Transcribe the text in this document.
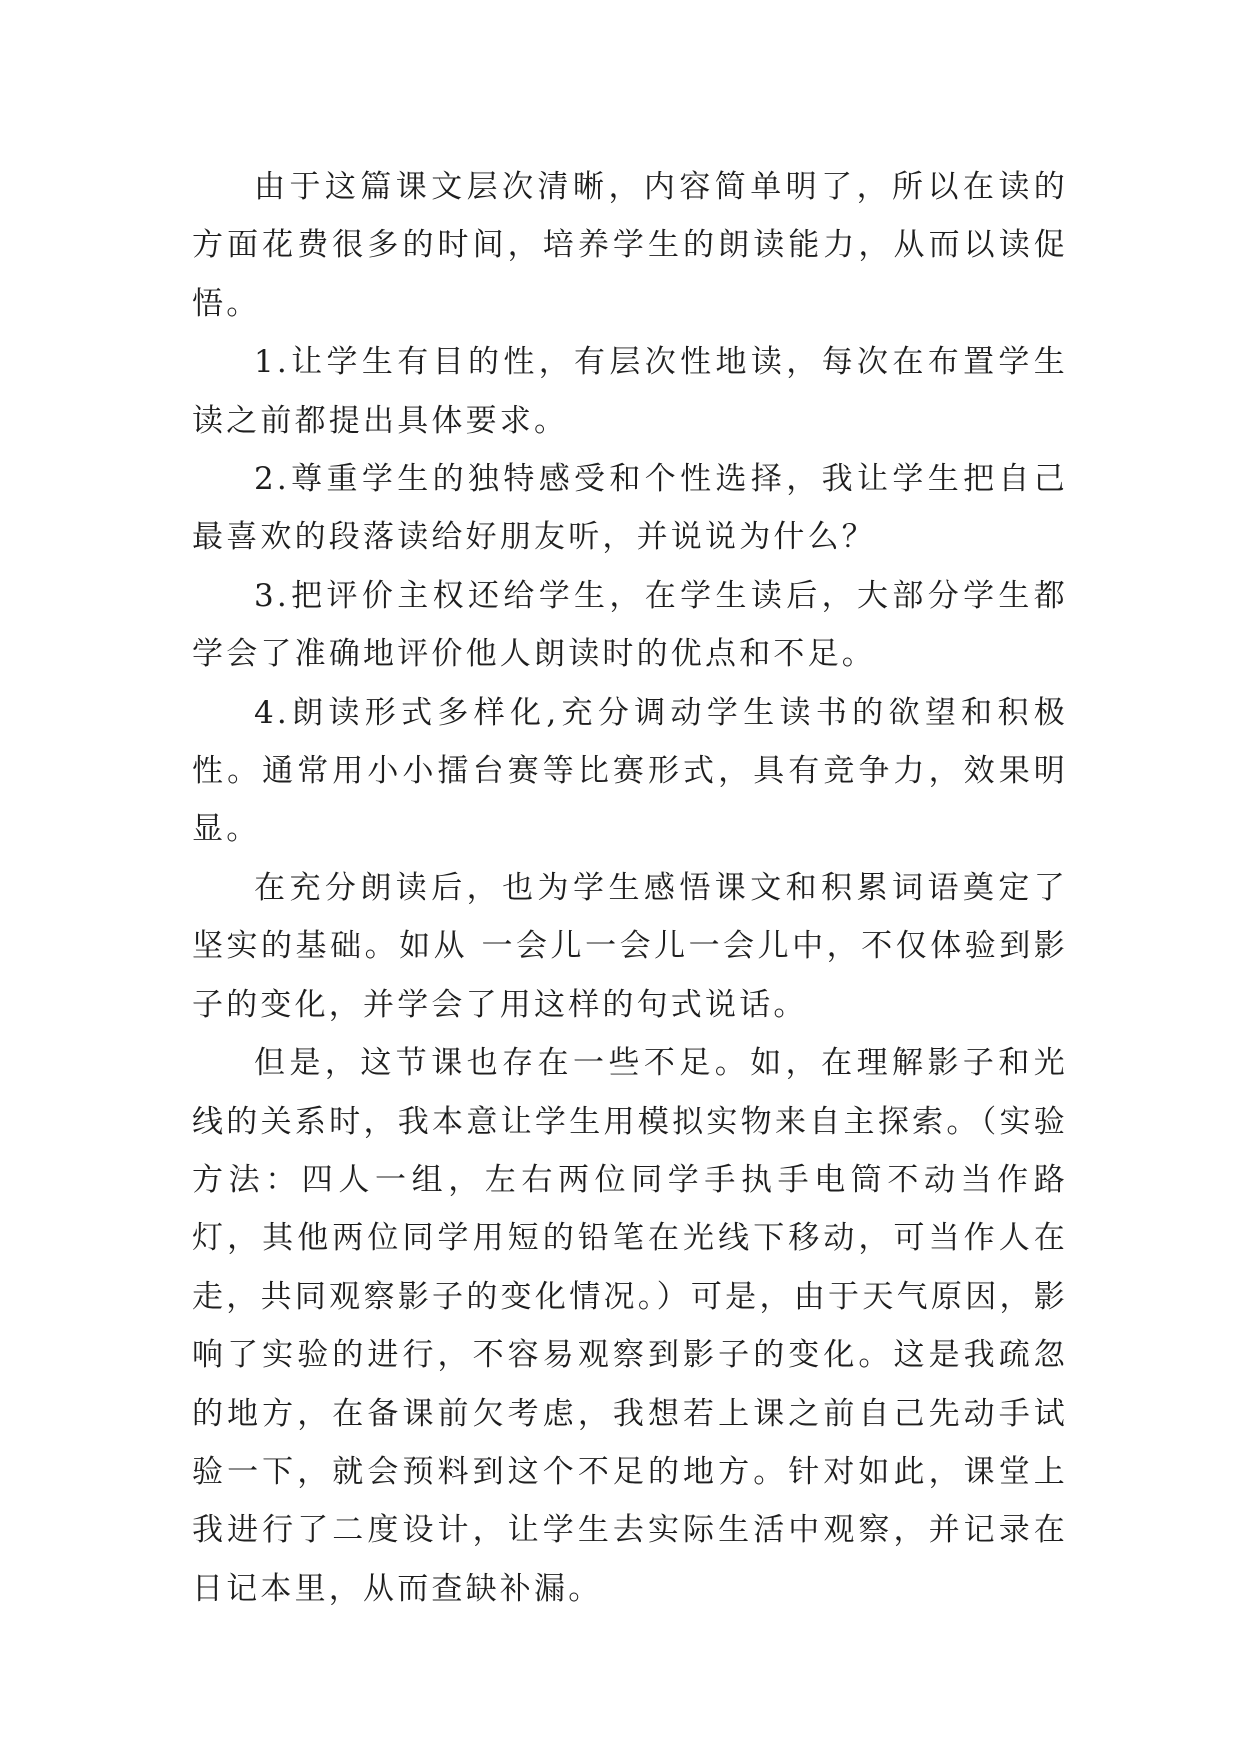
由于这篇课文层次清晰，内容简单明了，所以在读的方面花费很多的时间，培养学生的朗读能力，从而以读促悟。

1.让学生有目的性，有层次性地读，每次在布置学生读之前都提出具体要求。

2.尊重学生的独特感受和个性选择，我让学生把自己最喜欢的段落读给好朋友听，并说说为什么？

3.把评价主权还给学生，在学生读后，大部分学生都学会了准确地评价他人朗读时的优点和不足。

4.朗读形式多样化,充分调动学生读书的欲望和积极性。通常用小小擂台赛等比赛形式，具有竞争力，效果明显。

在充分朗读后，也为学生感悟课文和积累词语奠定了坚实的基础。如从 一会儿一会儿一会儿中，不仅体验到影子的变化，并学会了用这样的句式说话。

但是，这节课也存在一些不足。如，在理解影子和光线的关系时，我本意让学生用模拟实物来自主探索。（实验方法：四人一组，左右两位同学手执手电筒不动当作路灯，其他两位同学用短的铅笔在光线下移动，可当作人在走，共同观察影子的变化情况。）可是，由于天气原因，影响了实验的进行，不容易观察到影子的变化。这是我疏忽的地方，在备课前欠考虑，我想若上课之前自己先动手试验一下，就会预料到这个不足的地方。针对如此，课堂上我进行了二度设计，让学生去实际生活中观察，并记录在日记本里，从而查缺补漏。
